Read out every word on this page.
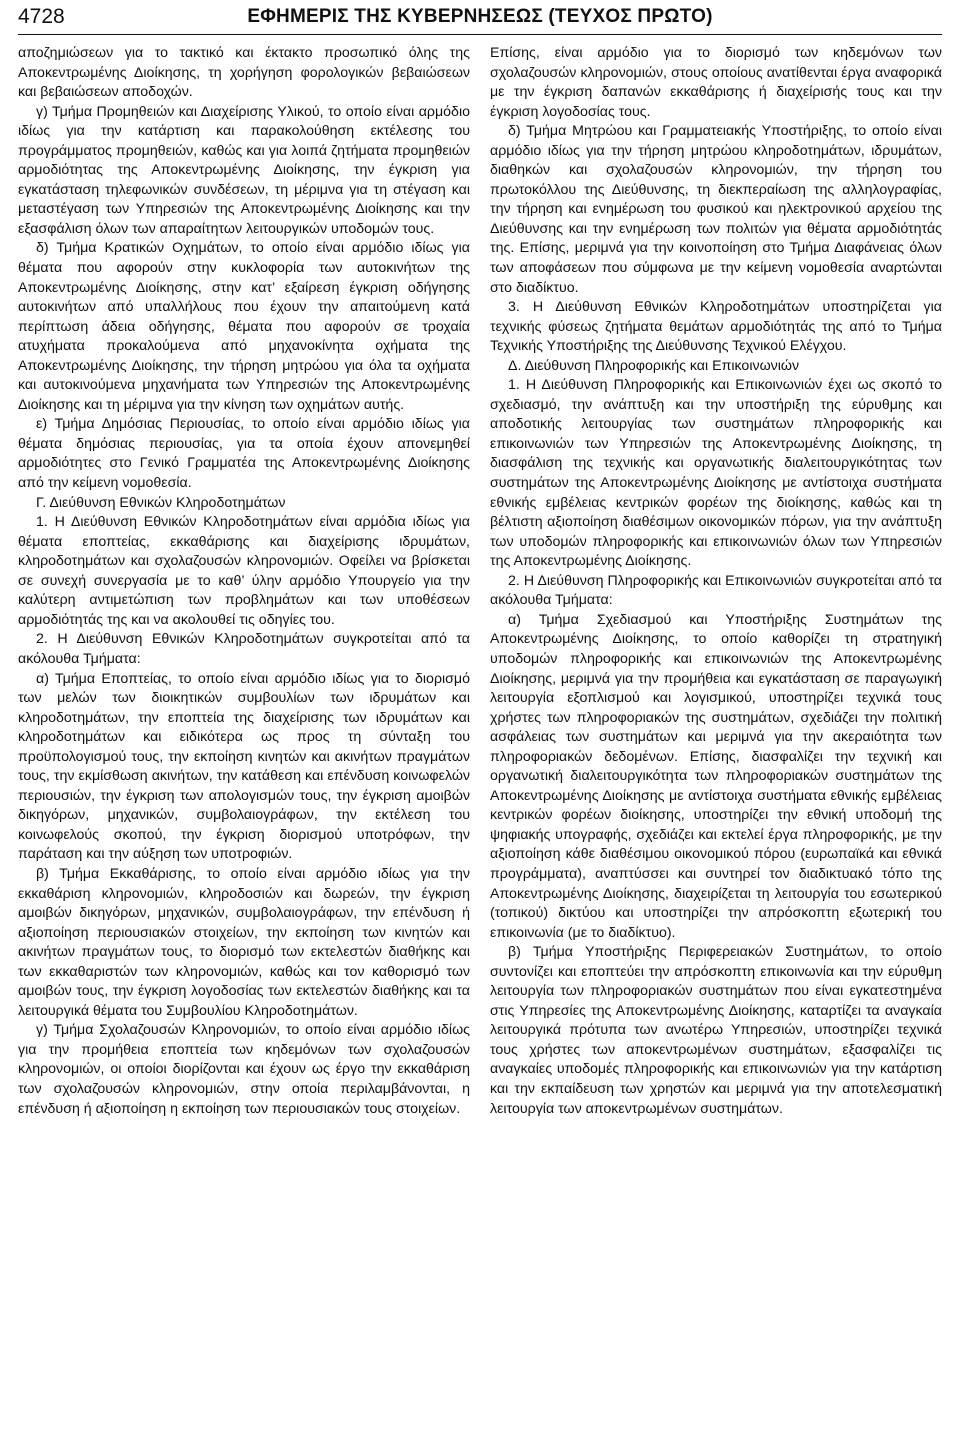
4728	ΕΦΗΜΕΡΙΣ ΤΗΣ ΚΥΒΕΡΝΗΣΕΩΣ (ΤΕΥΧΟΣ ΠΡΩΤΟ)

αποζημιώσεων για το τακτικό και έκτακτο προσωπικό όλης της Αποκεντρωμένης Διοίκησης, τη χορήγηση φορολογικών βεβαιώσεων και βεβαιώσεων αποδοχών.

γ) Τμήμα Προμηθειών και Διαχείρισης Υλικού, το οποίο είναι αρμόδιο ιδίως για την κατάρτιση και παρακολούθηση εκτέλεσης του προγράμματος προμηθειών, καθώς και για λοιπά ζητήματα προμηθειών αρμοδιότητας της Αποκεντρωμένης Διοίκησης, την έγκριση για εγκατάσταση τηλεφωνικών συνδέσεων, τη μέριμνα για τη στέγαση και μεταστέγαση των Υπηρεσιών της Αποκεντρωμένης Διοίκησης και την εξασφάλιση όλων των απαραίτητων λειτουργικών υποδομών τους.

δ) Τμήμα Κρατικών Οχημάτων, το οποίο είναι αρμόδιο ιδίως για θέματα που αφορούν στην κυκλοφορία των αυτοκινήτων της Αποκεντρωμένης Διοίκησης, στην κατ’ εξαίρεση έγκριση οδήγησης αυτοκινήτων από υπαλλήλους που έχουν την απαιτούμενη κατά περίπτωση άδεια οδήγησης, θέματα που αφορούν σε τροχαία ατυχήματα προκαλούμενα από μηχανοκίνητα οχήματα της Αποκεντρωμένης Διοίκησης, την τήρηση μητρώου για όλα τα οχήματα και αυτοκινούμενα μηχανήματα των Υπηρεσιών της Αποκεντρωμένης Διοίκησης και τη μέριμνα για την κίνηση των οχημάτων αυτής.

ε) Τμήμα Δημόσιας Περιουσίας, το οποίο είναι αρμόδιο ιδίως για θέματα δημόσιας περιουσίας, για τα οποία έχουν απονεμηθεί αρμοδιότητες στο Γενικό Γραμματέα της Αποκεντρωμένης Διοίκησης από την κείμενη νομοθεσία.

Γ. Διεύθυνση Εθνικών Κληροδοτημάτων

1. Η Διεύθυνση Εθνικών Κληροδοτημάτων είναι αρμόδια ιδίως για θέματα εποπτείας, εκκαθάρισης και διαχείρισης ιδρυμάτων, κληροδοτημάτων και σχολαζουσών κληρονομιών. Οφείλει να βρίσκεται σε συνεχή συνεργασία με το καθ’ ύλην αρμόδιο Υπουργείο για την καλύτερη αντιμετώπιση των προβλημάτων και των υποθέσεων αρμοδιότητάς της και να ακολουθεί τις οδηγίες του.

2. Η Διεύθυνση Εθνικών Κληροδοτημάτων συγκροτείται από τα ακόλουθα Τμήματα:

α) Τμήμα Εποπτείας, το οποίο είναι αρμόδιο ιδίως για το διορισμό των μελών των διοικητικών συμβουλίων των ιδρυμάτων και κληροδοτημάτων, την εποπτεία της διαχείρισης των ιδρυμάτων και κληροδοτημάτων και ειδικότερα ως προς τη σύνταξη του προϋπολογισμού τους, την εκποίηση κινητών και ακινήτων πραγμάτων τους, την εκμίσθωση ακινήτων, την κατάθεση και επένδυση κοινωφελών περιουσιών, την έγκριση των απολογισμών τους, την έγκριση αμοιβών δικηγόρων, μηχανικών, συμβολαιογράφων, την εκτέλεση του κοινωφελούς σκοπού, την έγκριση διορισμού υποτρόφων, την παράταση και την αύξηση των υποτροφιών.

β) Τμήμα Εκκαθάρισης, το οποίο είναι αρμόδιο ιδίως για την εκκαθάριση κληρονομιών, κληροδοσιών και δωρεών, την έγκριση αμοιβών δικηγόρων, μηχανικών, συμβολαιογράφων, την επένδυση ή αξιοποίηση περιουσιακών στοιχείων, την εκποίηση των κινητών και ακινήτων πραγμάτων τους, το διορισμό των εκτελεστών διαθήκης και των εκκαθαριστών των κληρονομιών, καθώς και τον καθορισμό των αμοιβών τους, την έγκριση λογοδοσίας των εκτελεστών διαθήκης και τα λειτουργικά θέματα του Συμβουλίου Κληροδοτημάτων.

γ) Τμήμα Σχολαζουσών Κληρονομιών, το οποίο είναι αρμόδιο ιδίως για την προμήθεια εποπτεία των κηδεμόνων των σχολαζουσών κληρονομιών, οι οποίοι διορίζονται και έχουν ως έργο την εκκαθάριση των σχολαζουσών κληρονομιών, στην οποία περιλαμβάνονται, η επένδυση ή αξιοποίηση η εκποίηση των περιουσιακών τους στοιχείων.

Επίσης, είναι αρμόδιο για το διορισμό των κηδεμόνων των σχολαζουσών κληρονομιών, στους οποίους ανατίθενται έργα αναφορικά με την έγκριση δαπανών εκκαθάρισης ή διαχείρισής τους και την έγκριση λογοδοσίας τους.

δ) Τμήμα Μητρώου και Γραμματειακής Υποστήριξης, το οποίο είναι αρμόδιο ιδίως για την τήρηση μητρώου κληροδοτημάτων, ιδρυμάτων, διαθηκών και σχολαζουσών κληρονομιών, την τήρηση του πρωτοκόλλου της Διεύθυνσης, τη διεκπεραίωση της αλληλογραφίας, την τήρηση και ενημέρωση του φυσικού και ηλεκτρονικού αρχείου της Διεύθυνσης και την ενημέρωση των πολιτών για θέματα αρμοδιότητάς της. Επίσης, μεριμνά για την κοινοποίηση στο Τμήμα Διαφάνειας όλων των αποφάσεων που σύμφωνα με την κείμενη νομοθεσία αναρτώνται στο διαδίκτυο.

3. Η Διεύθυνση Εθνικών Κληροδοτημάτων υποστηρίζεται για τεχνικής φύσεως ζητήματα θεμάτων αρμοδιότητάς της από το Τμήμα Τεχνικής Υποστήριξης της Διεύθυνσης Τεχνικού Ελέγχου.

Δ. Διεύθυνση Πληροφορικής και Επικοινωνιών

1. Η Διεύθυνση Πληροφορικής και Επικοινωνιών έχει ως σκοπό το σχεδιασμό, την ανάπτυξη και την υποστήριξη της εύρυθμης και αποδοτικής λειτουργίας των συστημάτων πληροφορικής και επικοινωνιών των Υπηρεσιών της Αποκεντρωμένης Διοίκησης, τη διασφάλιση της τεχνικής και οργανωτικής διαλειτουργικότητας των συστημάτων της Αποκεντρωμένης Διοίκησης με αντίστοιχα συστήματα εθνικής εμβέλειας κεντρικών φορέων της διοίκησης, καθώς και τη βέλτιστη αξιοποίηση διαθέσιμων οικονομικών πόρων, για την ανάπτυξη των υποδομών πληροφορικής και επικοινωνιών όλων των Υπηρεσιών της Αποκεντρωμένης Διοίκησης.

2. Η Διεύθυνση Πληροφορικής και Επικοινωνιών συγκροτείται από τα ακόλουθα Τμήματα:

α) Τμήμα Σχεδιασμού και Υποστήριξης Συστημάτων της Αποκεντρωμένης Διοίκησης, το οποίο καθορίζει τη στρατηγική υποδομών πληροφορικής και επικοινωνιών της Αποκεντρωμένης Διοίκησης, μεριμνά για την προμήθεια και εγκατάσταση σε παραγωγική λειτουργία εξοπλισμού και λογισμικού, υποστηρίζει τεχνικά τους χρήστες των πληροφοριακών της συστημάτων, σχεδιάζει την πολιτική ασφάλειας των συστημάτων και μεριμνά για την ακεραιότητα των πληροφοριακών δεδομένων. Επίσης, διασφαλίζει την τεχνική και οργανωτική διαλειτουργικότητα των πληροφοριακών συστημάτων της Αποκεντρωμένης Διοίκησης με αντίστοιχα συστήματα εθνικής εμβέλειας κεντρικών φορέων διοίκησης, υποστηρίζει την εθνική υποδομή της ψηφιακής υπογραφής, σχεδιάζει και εκτελεί έργα πληροφορικής, με την αξιοποίηση κάθε διαθέσιμου οικονομικού πόρου (ευρωπαϊκά και εθνικά προγράμματα), αναπτύσσει και συντηρεί τον διαδικτυακό τόπο της Αποκεντρωμένης Διοίκησης, διαχειρίζεται τη λειτουργία του εσωτερικού (τοπικού) δικτύου και υποστηρίζει την απρόσκοπτη εξωτερική του επικοινωνία (με το διαδίκτυο).

β) Τμήμα Υποστήριξης Περιφερειακών Συστημάτων, το οποίο συντονίζει και εποπτεύει την απρόσκοπτη επικοινωνία και την εύρυθμη λειτουργία των πληροφοριακών συστημάτων που είναι εγκατεστημένα στις Υπηρεσίες της Αποκεντρωμένης Διοίκησης, καταρτίζει τα αναγκαία λειτουργικά πρότυπα των ανωτέρω Υπηρεσιών, υποστηρίζει τεχνικά τους χρήστες των αποκεντρωμένων συστημάτων, εξασφαλίζει τις αναγκαίες υποδομές πληροφορικής και επικοινωνιών για την κατάρτιση και την εκπαίδευση των χρηστών και μεριμνά για την αποτελεσματική λειτουργία των αποκεντρωμένων συστημάτων.
